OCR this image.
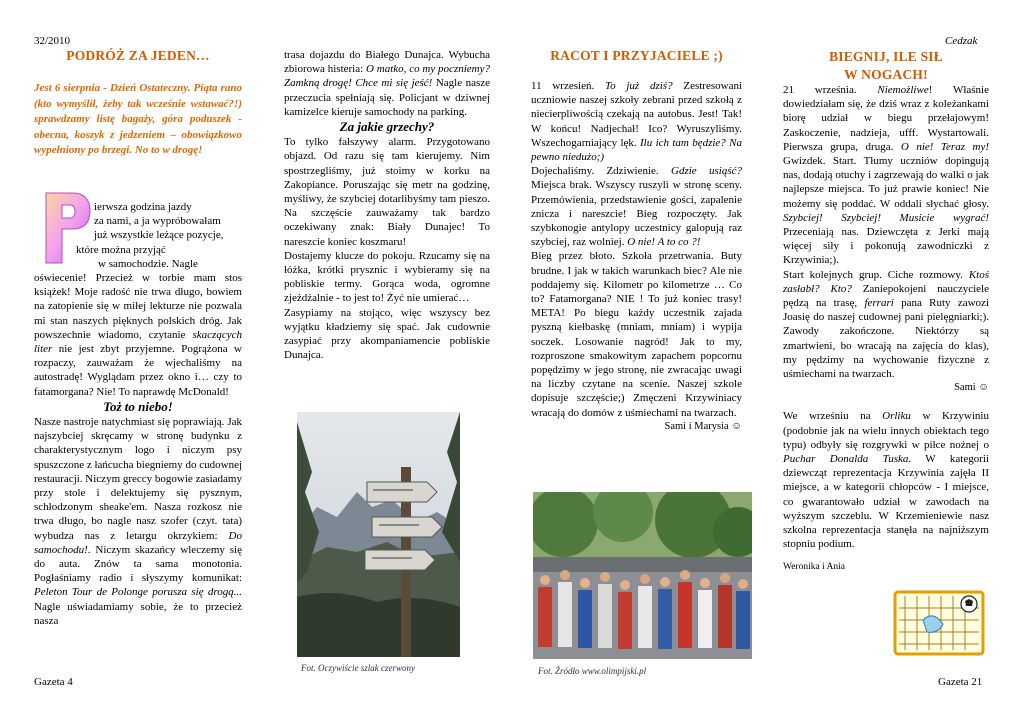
32/2010	Cedzak
PODRÓŻ ZA JEDEN…
Jest 6 sierpnia - Dzień Ostateczny. Piąta rano (kto wymyślił, żeby tak wcześnie wstawać?!) sprawdzamy listę bagaży, góra poduszek - obecna, koszyk z jedzeniem – obowiązkowo wypełniony po brzegi. No to w drogę!
ierwsza godzina jazdy
za nami, a ja wypróbowałam
już wszystkie leżące pozycje,
które można przyjąć
w samochodzie. Nagle

oświecenie! Przecież w torbie mam stos książek! Moje radość nie trwa długo, bowiem na zatopienie się w miłej lekturze nie pozwala mi stan naszych pięknych polskich dróg. Jak powszechnie wiadomo, czytanie skaczących liter nie jest zbyt przyjemne. Pogrążona w rozpaczy, zauważam że wjechaliśmy na autostradę! Wyglądam przez okno i… czy to fatamorgana? Nie! To naprawdę McDonald!

Toż to niebo!

Nasze nastroje natychmiast się poprawiają. Jak najszybciej skręcamy w stronę budynku z charakterystycznym logo i niczym psy spuszczone z łańcucha biegniemy do cudownej restauracji. Niczym greccy bogowie zasiadamy przy stole i delektujemy się pysznym, schłodzonym sheake'em. Nasza rozkosz nie trwa długo, bo nagle nasz szofer (czyt. tata) wybudza nas z letargu okrzykiem: Do samochodu!. Niczym skazańcy wleczemy się do auta. Znów ta sama monotonia. Pogłaśniamy radio i słyszymy komunikat: Peleton Tour de Polonge porusza się drogą... Nagle uświadamiamy sobie, że to przecież nasza

Gazeta 4

trasa dojazdu do Białego Dunajca. Wybucha zbiorowa histeria: O matko, co my poczniemy? Zamkną drogę! Chce mi się jeść! Nagle nasze przeczucia spełniają się. Policjant w dziwnej kamizelce kieruje samochody na parking.

Za jakie grzechy?

To tylko fałszywy alarm. Przygotowano objazd. Od razu się tam kierujemy. Nim spostrzegliśmy, już stoimy w korku na Zakopiance. Poruszając się metr na godzinę, myśliwy, że szybciej dotarlibyśmy tam pieszo. Na szczęście zauważamy tak bardzo oczekiwany znak: Biały Dunajec! To nareszcie koniec koszmaru!

Dostajemy klucze do pokoju. Rzucamy się na łóżka, krótki prysznic i wybieramy się na pobliskie termy. Gorąca woda, ogromne zjeżdżalnie - to jest to! Żyć nie umierać…

Zasypiamy na stojąco, więc wszyscy bez wyjątku kładziemy się spać. Jak cudownie zasypiać przy akompaniamencie pobliskie Dunajca.

Fot. Oczywiście szlak czerwony
RACOT I PRZYJACIELE ;)

11 wrzesień. To już dziś? Zestresowani uczniowie naszej szkoły zebrani przed szkołą z niecierpliwością czekają na autobus. Jest! Tak! W końcu! Nadjechał! Ico? Wyruszyliśmy. Wszechogarniający lęk. Ilu ich tam będzie? Na pewno niedużo;)

Dojechaliśmy. Zdziwienie. Gdzie usiąść? Miejsca brak. Wszyscy ruszyli w stronę sceny. Przemówienia, przedstawienie gości, zapalenie znicza i nareszcie! Bieg rozpoczęty. Jak szybkonogie antylopy uczestnicy galopują raz szybciej, raz wolniej. O nie! A to co ?!

Bieg przez błoto. Szkoła przetrwania. Buty brudne. I jak w takich warunkach biec? Ale nie poddajemy się. Kilometr po kilometrze … Co to? Fatamorgana? NIE ! To już koniec trasy! META! Po biegu każdy uczestnik zajada pyszną kiełbaskę (mniam, mniam) i wypija soczek. Losowanie nagród! Jak to my, rozproszone smakowitym zapachem popcornu popędzimy w jego stronę, nie zwracając uwagi na liczby czytane na scenie. Naszej szkole dopisuje szczęście;) Zmęczeni Krzywiniacy wracają do domów z uśmiechami na twarzach.

Sami i Marysia ☺
Fot. Źródło www.olimpijski.pl
BIEGNIJ, ILE SIŁ
W NOGACH!

21 września. Niemożliwe! Właśnie dowiedziałam się, że dziś wraz z koleżankami biorę udział w biegu przełajowym! Zaskoczenie, nadzieja, ufff. Wystartowali. Pierwsza grupa, druga. O nie! Teraz my! Gwizdek. Start. Tłumy uczniów dopingują nas, dodają otuchy i zagrzewają do walki o jak najlepsze miejsca. To już prawie koniec! Nie możemy się poddać. W oddali słychać głosy. Szybciej! Szybciej! Musicie wygrać! Przeceniają nas. Dziewczęta z Jerki mają więcej siły i pokonują zawodniczki z Krzywinia;).

Start kolejnych grup. Ciche rozmowy. Ktoś zasłabł? Kto? Zaniepokojeni nauczyciele pędzą na trasę, ferrari pana Ruty zawozi Joasię do naszej cudownej pani pielęgniarki;). Zawody zakończone. Niektórzy są zmartwieni, bo wracają na zajęcia do klas), my pędzimy na wychowanie fizyczne z uśmiechami na twarzach.

Sami ☺

We wrześniu na Orliku w Krzywiniu (podobnie jak na wielu innych obiektach tego typu) odbyły się rozgrywki w piłce nożnej o Puchar Donalda Tuska. W kategorii dziewcząt reprezentacja Krzywinia zajęła II miejsce, a w kategorii chłopców - I miejsce, co gwarantowało udział w zawodach na wyższym szczeblu. W Krzemieniewie nasz szkolna reprezentacja stanęła na najniższym stopniu podium.

Weronika i Ania
Gazeta 21
